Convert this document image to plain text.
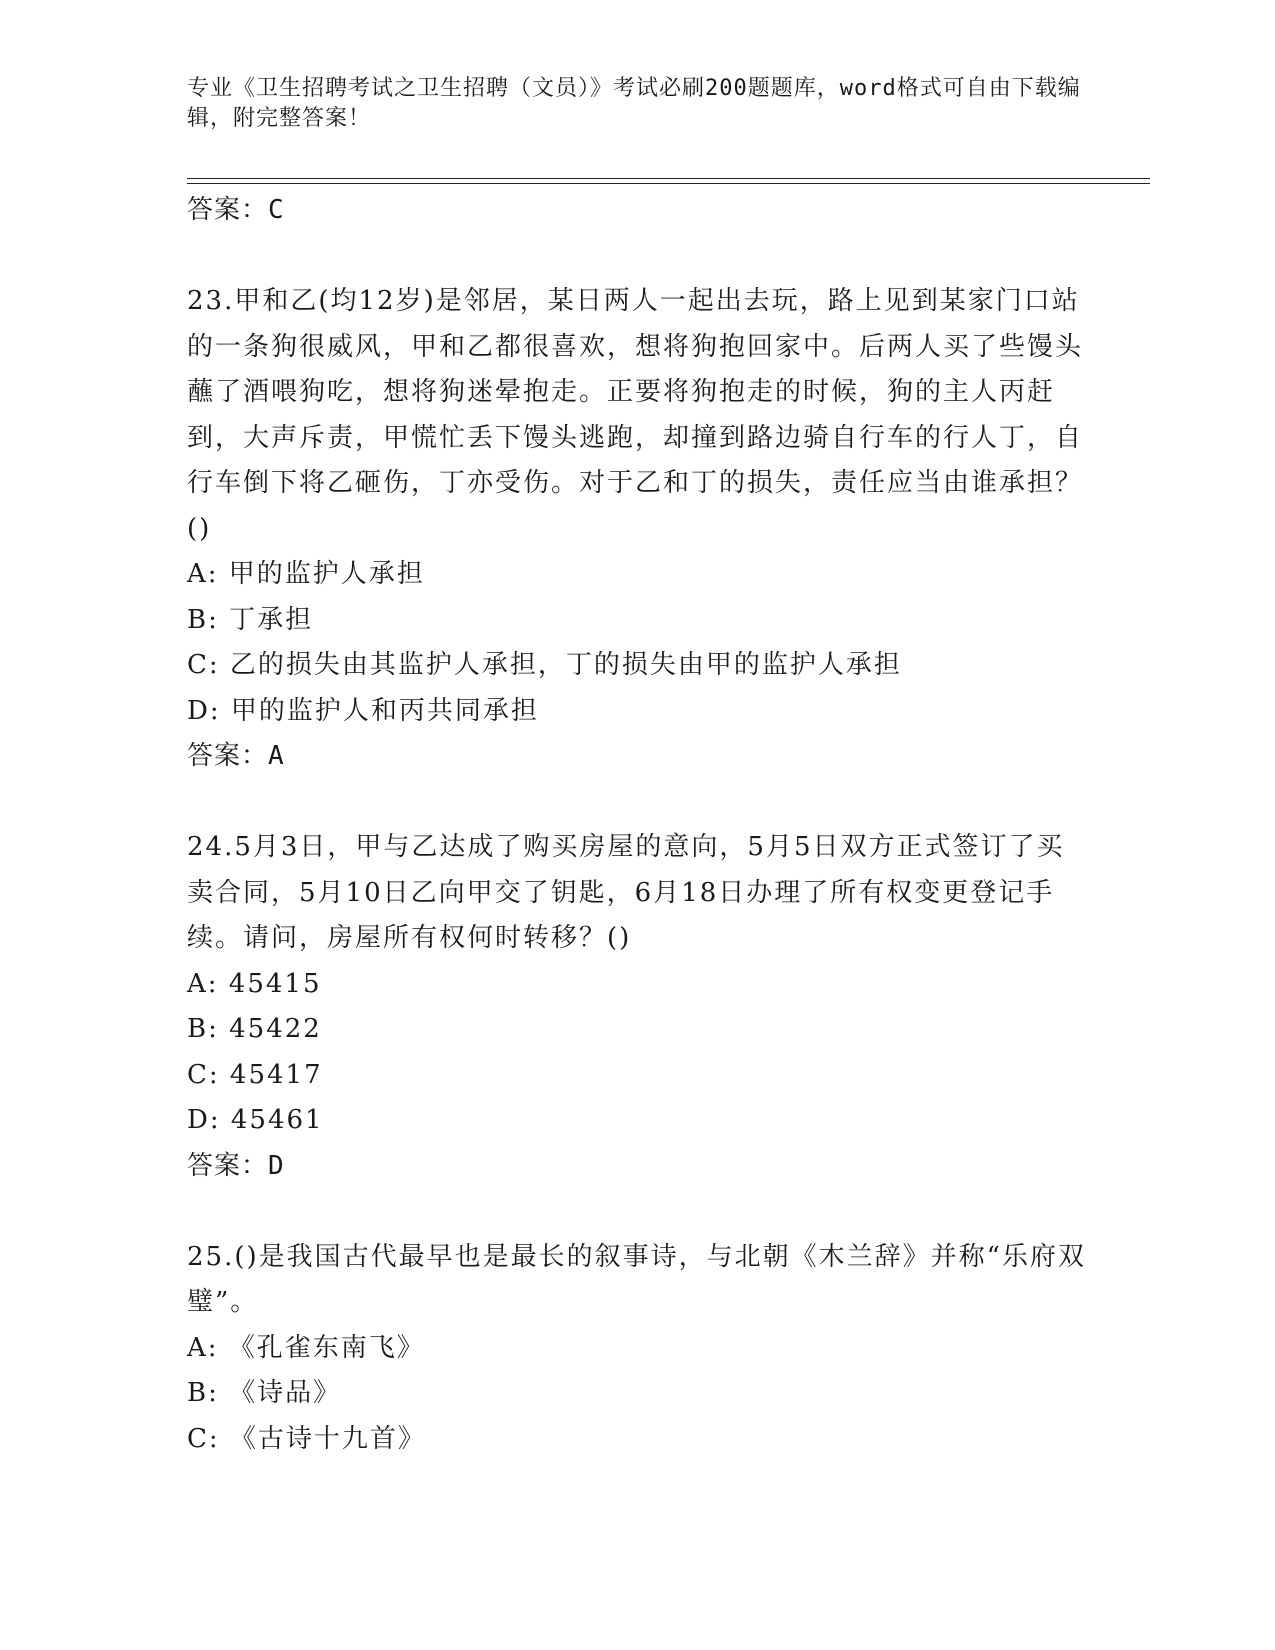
专业《卫生招聘考试之卫生招聘（文员）》考试必刷200题题库，word格式可自由下载编辑，附完整答案！
答案：C
23.甲和乙(均12岁)是邻居，某日两人一起出去玩，路上见到某家门口站的一条狗很威风，甲和乙都很喜欢，想将狗抱回家中。后两人买了些馒头蘸了酒喂狗吃，想将狗迷晕抱走。正要将狗抱走的时候，狗的主人丙赶到，大声斥责，甲慌忙丢下馒头逃跑，却撞到路边骑自行车的行人丁，自行车倒下将乙砸伤，丁亦受伤。对于乙和丁的损失，责任应当由谁承担？()
A: 甲的监护人承担
B: 丁承担
C: 乙的损失由其监护人承担，丁的损失由甲的监护人承担
D: 甲的监护人和丙共同承担
答案：A
24.5月3日，甲与乙达成了购买房屋的意向，5月5日双方正式签订了买卖合同，5月10日乙向甲交了钥匙，6月18日办理了所有权变更登记手续。请问，房屋所有权何时转移？()
A: 45415
B: 45422
C: 45417
D: 45461
答案：D
25.()是我国古代最早也是最长的叙事诗，与北朝《木兰辞》并称“乐府双璧”。
A: 《孔雀东南飞》
B: 《诗品》
C: 《古诗十九首》
